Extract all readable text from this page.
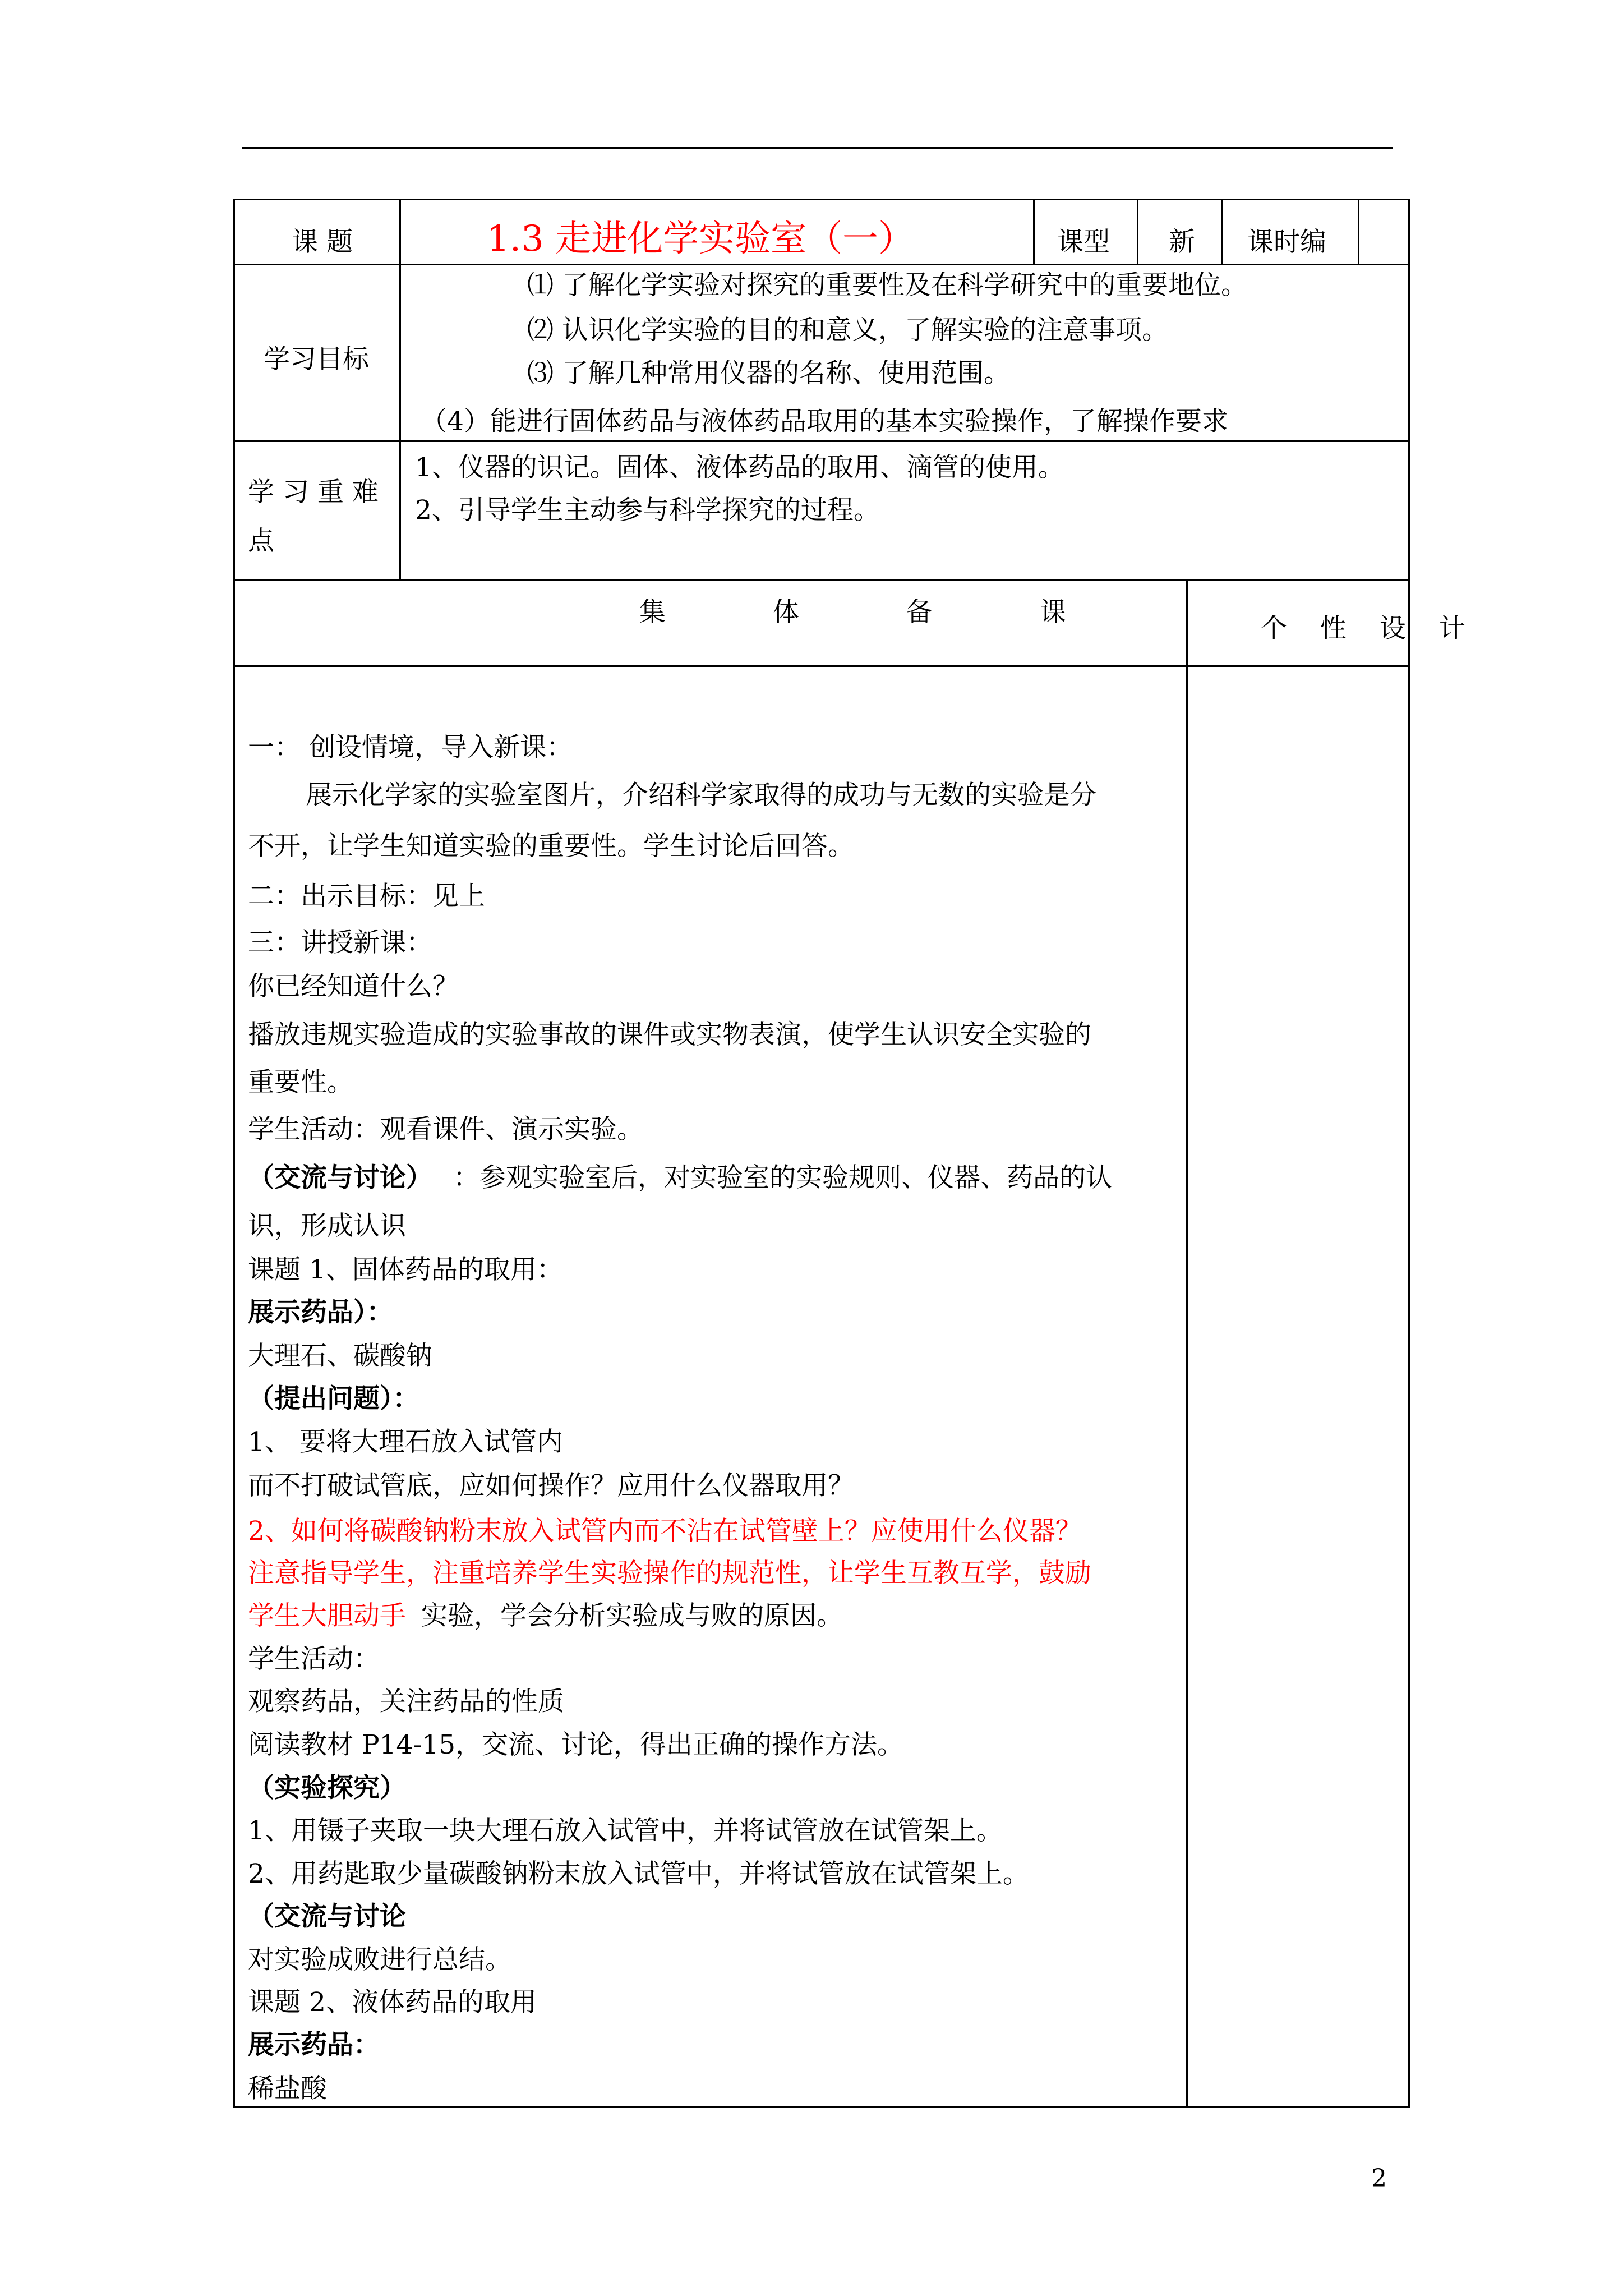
课 题	1.3 走进化学实验室（一）	课型 新 课时编
学习目标
⑴ 了解化学实验对探究的重要性及在科学研究中的重要地位。
⑵ 认识化学实验的目的和意义，了解实验的注意事项。
⑶ 了解几种常用仪器的名称、使用范围。
（4）能进行固体药品与液体药品取用的基本实验操作，了解操作要求
学 习 重 难
点
1、仪器的识记。固体、液体药品的取用、滴管的使用。
2、引导学生主动参与科学探究的过程。
集 体 备 课
个 性 设 计
一： 创设情境，导入新课：
展示化学家的实验室图片，介绍科学家取得的成功与无数的实验是分
不开，让学生知道实验的重要性。学生讨论后回答。
二：出示目标：见上
三：讲授新课：
你已经知道什么？
播放违规实验造成的实验事故的课件或实物表演，使学生认识安全实验的
重要性。
学生活动：观看课件、演示实验。
（交流与讨论） ：参观实验室后，对实验室的实验规则、仪器、药品的认
识，形成认识
课题 1、固体药品的取用：
展示药品）：
大理石、碳酸钠
（提出问题）：
1、 要将大理石放入试管内
而不打破试管底，应如何操作？应用什么仪器取用？
2、如何将碳酸钠粉末放入试管内而不沾在试管壁上？应使用什么仪器？
注意指导学生，注重培养学生实验操作的规范性，让学生互教互学，鼓励
学生大胆动手 实验，学会分析实验成与败的原因。
学生活动：
观察药品，关注药品的性质
阅读教材 P14-15，交流、讨论，得出正确的操作方法。
（实验探究）
1、用镊子夹取一块大理石放入试管中，并将试管放在试管架上。
2、用药匙取少量碳酸钠粉末放入试管中，并将试管放在试管架上。
（交流与讨论
对实验成败进行总结。
课题 2、液体药品的取用
展示药品：
稀盐酸
2
